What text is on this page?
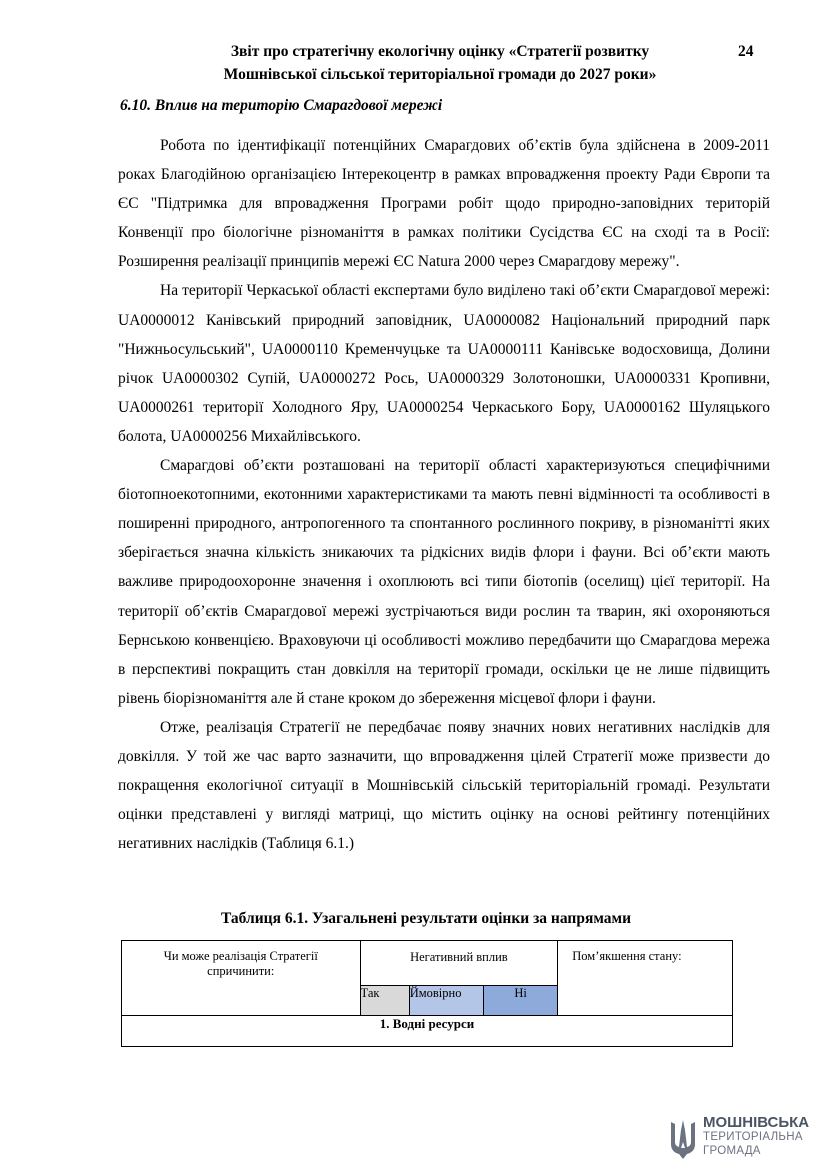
Звіт про стратегічну екологічну оцінку «Стратегії розвитку
Мошнівської сільської територіальної громади до 2027 роки»
24
6.10. Вплив на територію Смарагдової мережі

Робота по ідентифікації потенційних Смарагдових об’єктів була здійснена в 2009-2011 роках Благодійною організацією Інтерекоцентр в рамках впровадження проекту Ради Європи та ЄС "Підтримка для впровадження Програми робіт щодо природно-заповідних територій Конвенції про біологічне різноманіття в рамках політики Сусідства ЄС на сході та в Росії: Розширення реалізації принципів мережі ЄС Natura 2000 через Смарагдову мережу".

На території Черкаської області експертами було виділено такі об’єкти Смарагдової мережі: UA0000012 Канівський природний заповідник, UA0000082 Національний природний парк "Нижньосульський", UA0000110 Кременчуцьке та UA0000111 Канівське водосховища, Долини річок UA0000302 Супій, UA0000272 Рось, UA0000329 Золотоношки, UA0000331 Кропивни, UA0000261 території Холодного Яру, UA0000254 Черкаського Бору, UA0000162 Шуляцького болота, UA0000256 Михайлівського.

Смарагдові об’єкти розташовані на території області характеризуються специфічними біотопноекотопними, екотонними характеристиками та мають певні відмінності та особливості в поширенні природного, антропогенного та спонтанного рослинного покриву, в різноманітті яких зберігається значна кількість зникаючих та рідкісних видів флори і фауни. Всі об’єкти мають важливе природоохоронне значення і охоплюють всі типи біотопів (оселищ) цієї території. На території об’єктів Смарагдової мережі зустрічаються види рослин та тварин, які охороняються Бернською конвенцією. Враховуючи ці особливості можливо передбачити що Смарагдова мережа в перспективі покращить стан довкілля на території громади, оскільки це не лише підвищить рівень біорізноманіття але й стане кроком до збереження місцевої флори і фауни.

Отже, реалізація Стратегії не передбачає появу значних нових негативних наслідків для довкілля. У той же час варто зазначити, що впровадження цілей Стратегії може призвести до покращення екологічної ситуації в Мошнівській сільській територіальній громаді. Результати оцінки представлені у вигляді матриці, що містить оцінку на основі рейтингу потенційних негативних наслідків (Таблиця 6.1.)

Таблиця 6.1. Узагальнені результати оцінки за напрямами
Чи може реалізація Стратегії спричинити:	Негативний вплив			Пом’якшення стану:

	Так	Ймовірно	Ні	
1. Водні ресурси				
МОШНІВСЬКА
ТЕРИТОРІАЛЬНА
ГРОМАДА
